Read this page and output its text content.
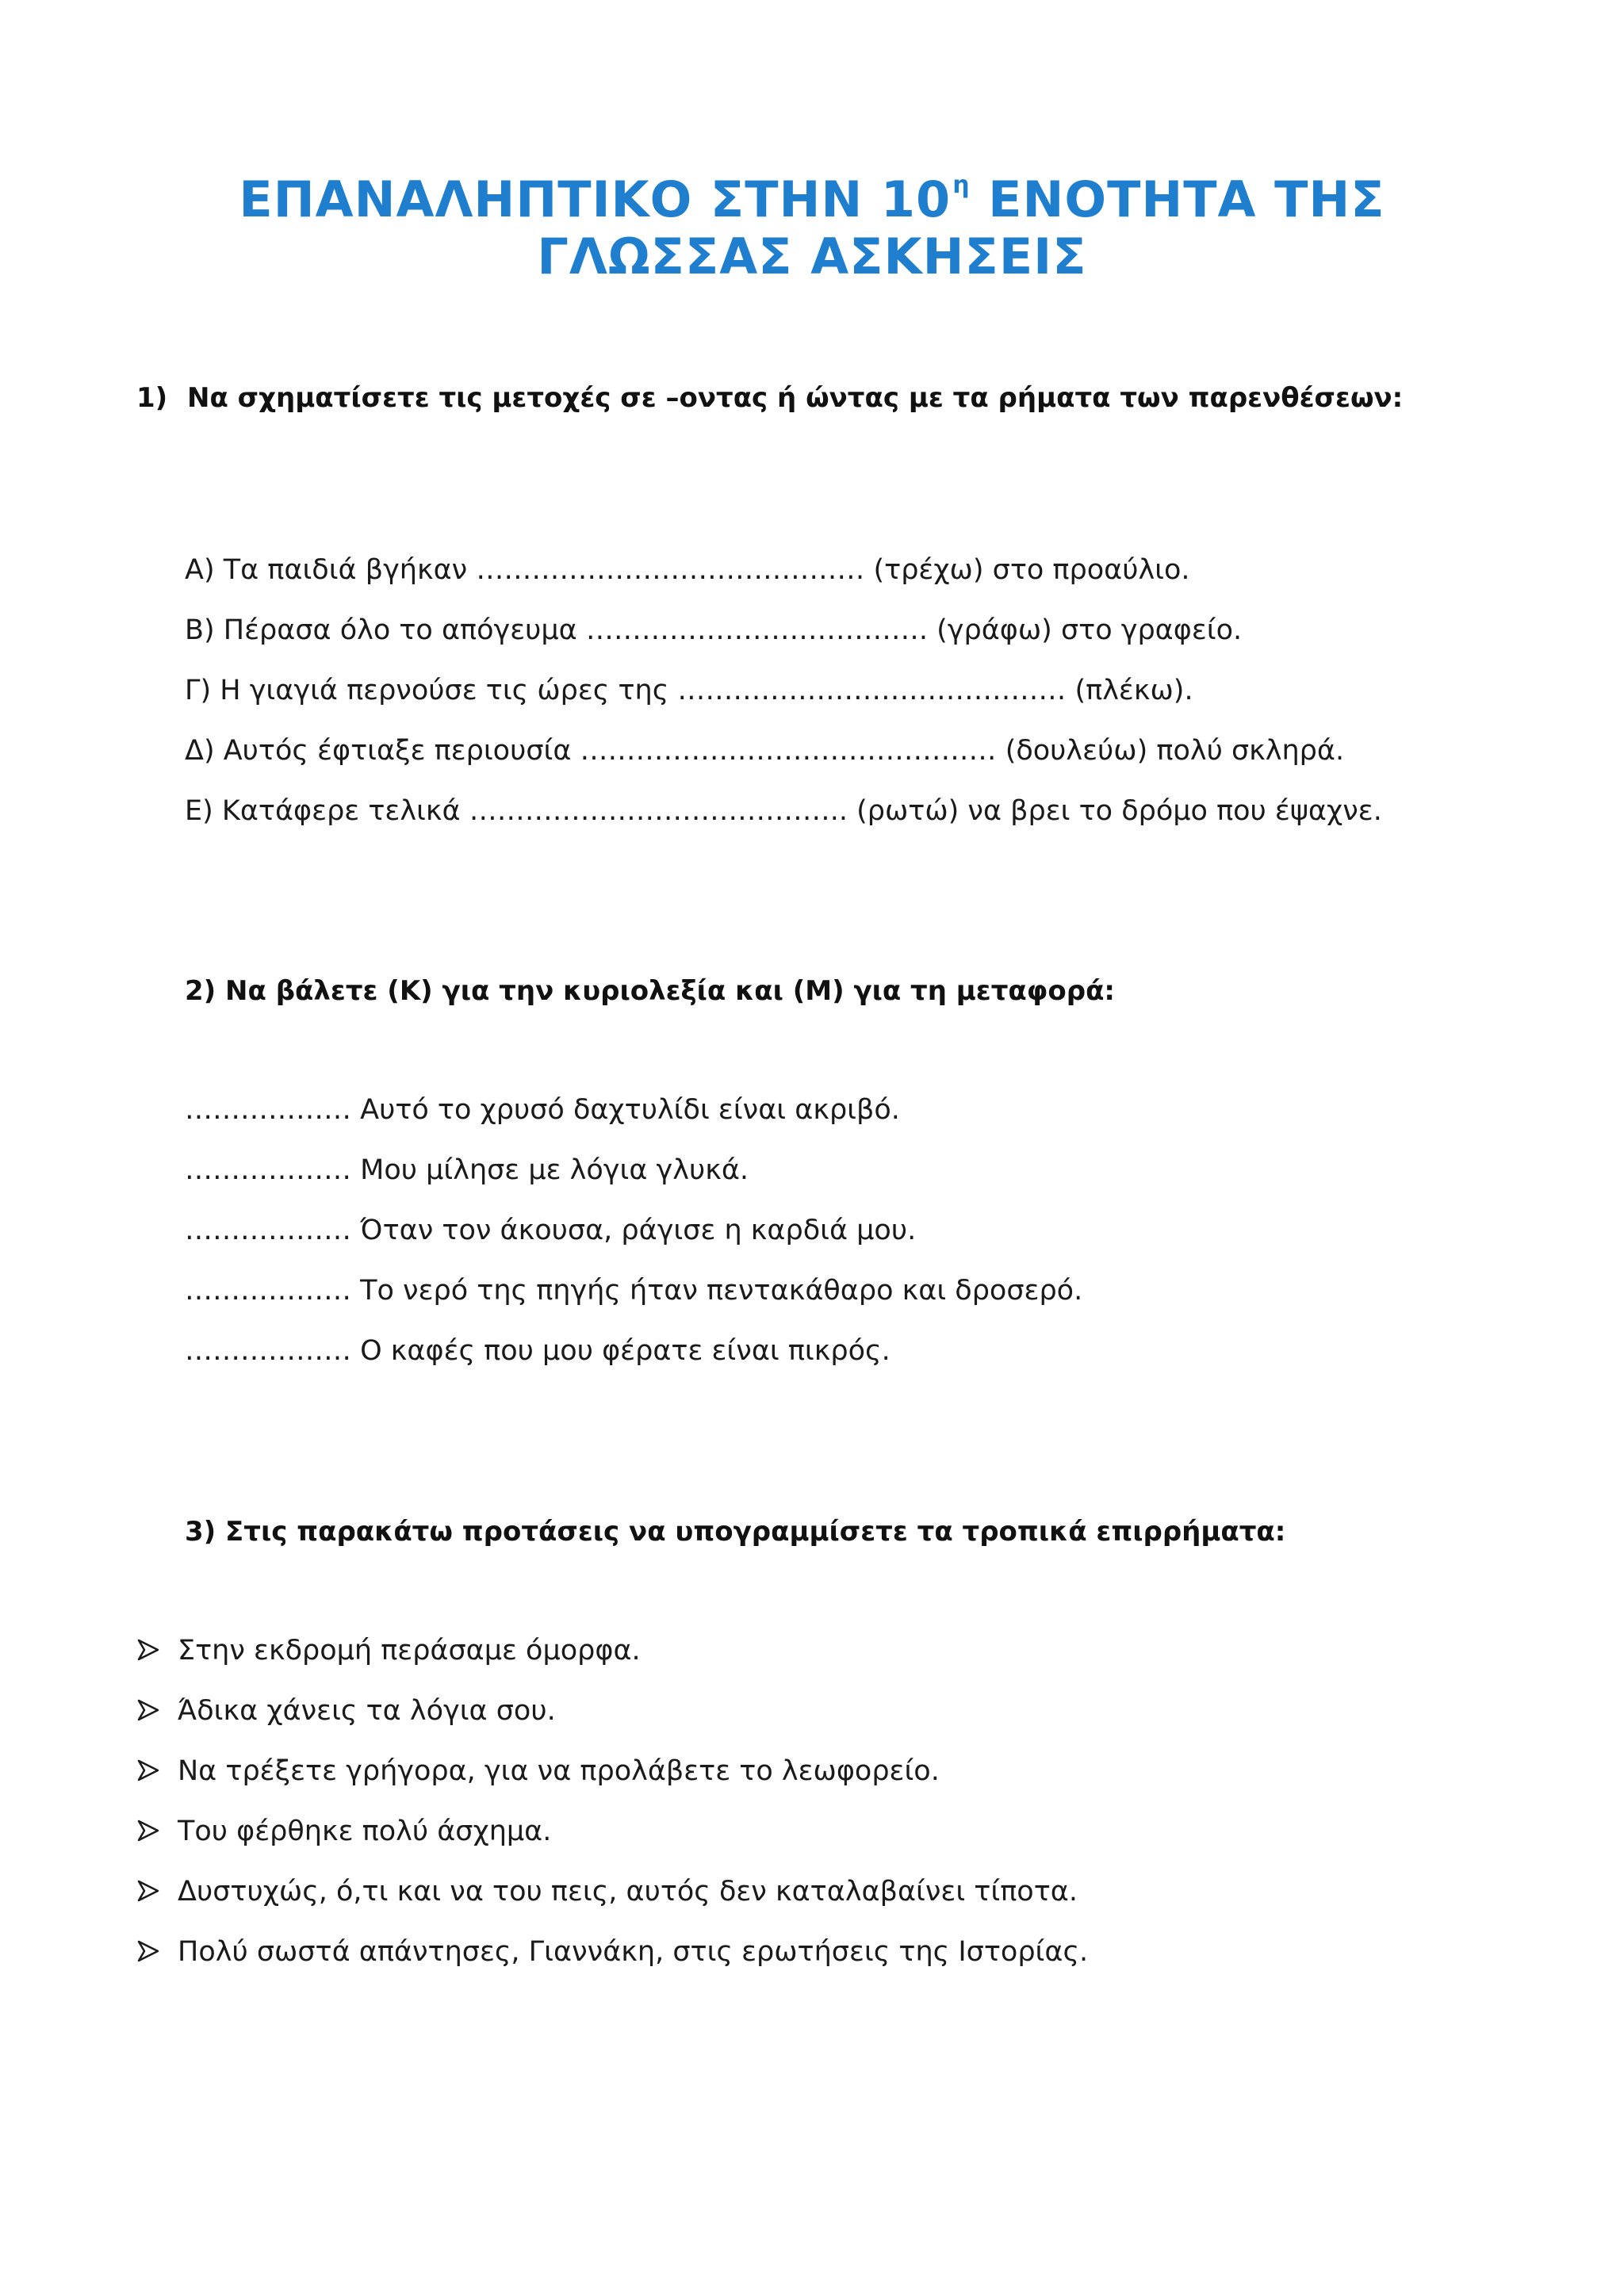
ΕΠΑΝΑΛΗΠΤΙΚΟ ΣΤΗΝ $10^\eta$ ΕΝΟΤΗΤΑ ΤΗΣ
ΓΛΩΣΣΑΣ ΑΣΚΗΣΕΙΣ
1) Να σχηματίσετε τις μετοχές σε –οντας ή ώντας με τα ρήματα των παρενθέσεων:
Α) Τα παιδιά βγήκαν …………………………………… (τρέχω) στο προαύλιο.
Β) Πέρασα όλο το απόγευμα ………………………………. (γράφω) στο γραφείο.
Γ) Η γιαγιά περνούσε τις ώρες της …………………………………… (πλέκω).
Δ) Αυτός έφτιαξε περιουσία ……………………………………… (δουλεύω) πολύ σκληρά.
Ε) Κατάφερε τελικά ………………………………….. (ρωτώ) να βρει το δρόμο που έψαχνε.
2) Να βάλετε (Κ) για την κυριολεξία και (Μ) για τη μεταφορά:
……………… Αυτό το χρυσό δαχτυλίδι είναι ακριβό.
……………… Μου μίλησε με λόγια γλυκά.
……………… Όταν τον άκουσα, ράγισε η καρδιά μου.
……………… Το νερό της πηγής ήταν πεντακάθαρο και δροσερό.
……………… Ο καφές που μου φέρατε είναι πικρός.
3) Στις παρακάτω προτάσεις να υπογραμμίσετε τα τροπικά επιρρήματα:
Στην εκδρομή περάσαμε όμορφα.
Άδικα χάνεις τα λόγια σου.
Να τρέξετε γρήγορα, για να προλάβετε το λεωφορείο.
Του φέρθηκε πολύ άσχημα.
Δυστυχώς, ό,τι και να του πεις, αυτός δεν καταλαβαίνει τίποτα.
Πολύ σωστά απάντησες, Γιαννάκη, στις ερωτήσεις της Ιστορίας.
